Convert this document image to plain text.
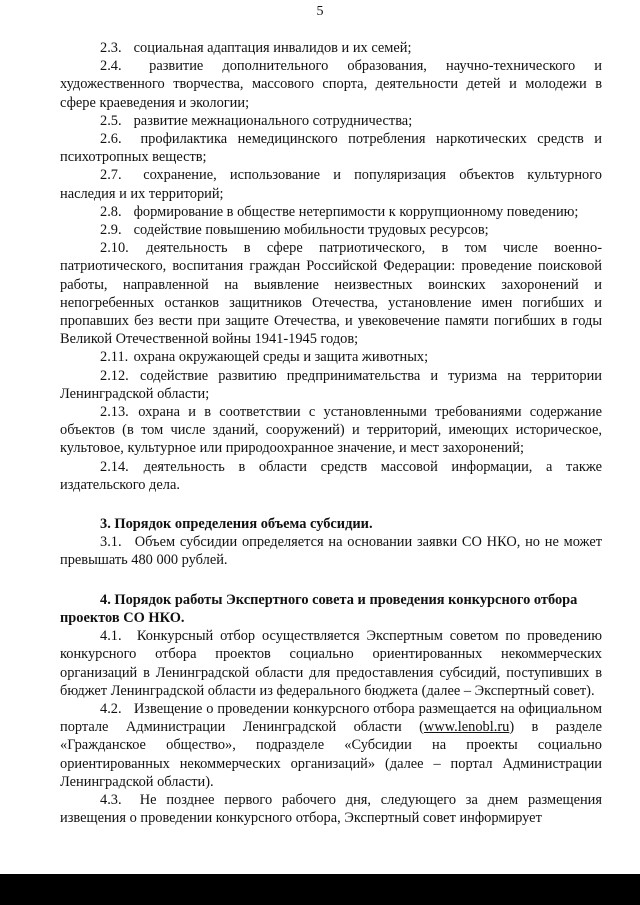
5

2.3. социальная адаптация инвалидов и их семей;

2.4. развитие дополнительного образования, научно-технического и художественного творчества, массового спорта, деятельности детей и молодежи в сфере краеведения и экологии;

2.5. развитие межнационального сотрудничества;

2.6. профилактика немедицинского потребления наркотических средств и психотропных веществ;

2.7. сохранение, использование и популяризация объектов культурного наследия и их территорий;

2.8. формирование в обществе нетерпимости к коррупционному поведению;

2.9. содействие повышению мобильности трудовых ресурсов;

2.10. деятельность в сфере патриотического, в том числе военно-патриотического, воспитания граждан Российской Федерации: проведение поисковой работы, направленной на выявление неизвестных воинских захоронений и непогребенных останков защитников Отечества, установление имен погибших и пропавших без вести при защите Отечества, и увековечение памяти погибших в годы Великой Отечественной войны 1941-1945 годов;

2.11. охрана окружающей среды и защита животных;

2.12. содействие развитию предпринимательства и туризма на территории Ленинградской области;

2.13. охрана и в соответствии с установленными требованиями содержание объектов (в том числе зданий, сооружений) и территорий, имеющих историческое, культовое, культурное или природоохранное значение, и мест захоронений;

2.14. деятельность в области средств массовой информации, а также издательского дела.

3. Порядок определения объема субсидии.

3.1. Объем субсидии определяется на основании заявки СО НКО, но не может превышать 480 000 рублей.

4. Порядок работы Экспертного совета и проведения конкурсного отбора проектов СО НКО.

4.1. Конкурсный отбор осуществляется Экспертным советом по проведению конкурсного отбора проектов социально ориентированных некоммерческих организаций в Ленинградской области для предоставления субсидий, поступивших в бюджет Ленинградской области из федерального бюджета (далее – Экспертный совет).

4.2. Извещение о проведении конкурсного отбора размещается на официальном портале Администрации Ленинградской области (www.lenobl.ru) в разделе «Гражданское общество», подразделе «Субсидии на проекты социально ориентированных некоммерческих организаций» (далее – портал Администрации Ленинградской области).

4.3. Не позднее первого рабочего дня, следующего за днем размещения извещения о проведении конкурсного отбора, Экспертный совет информирует
